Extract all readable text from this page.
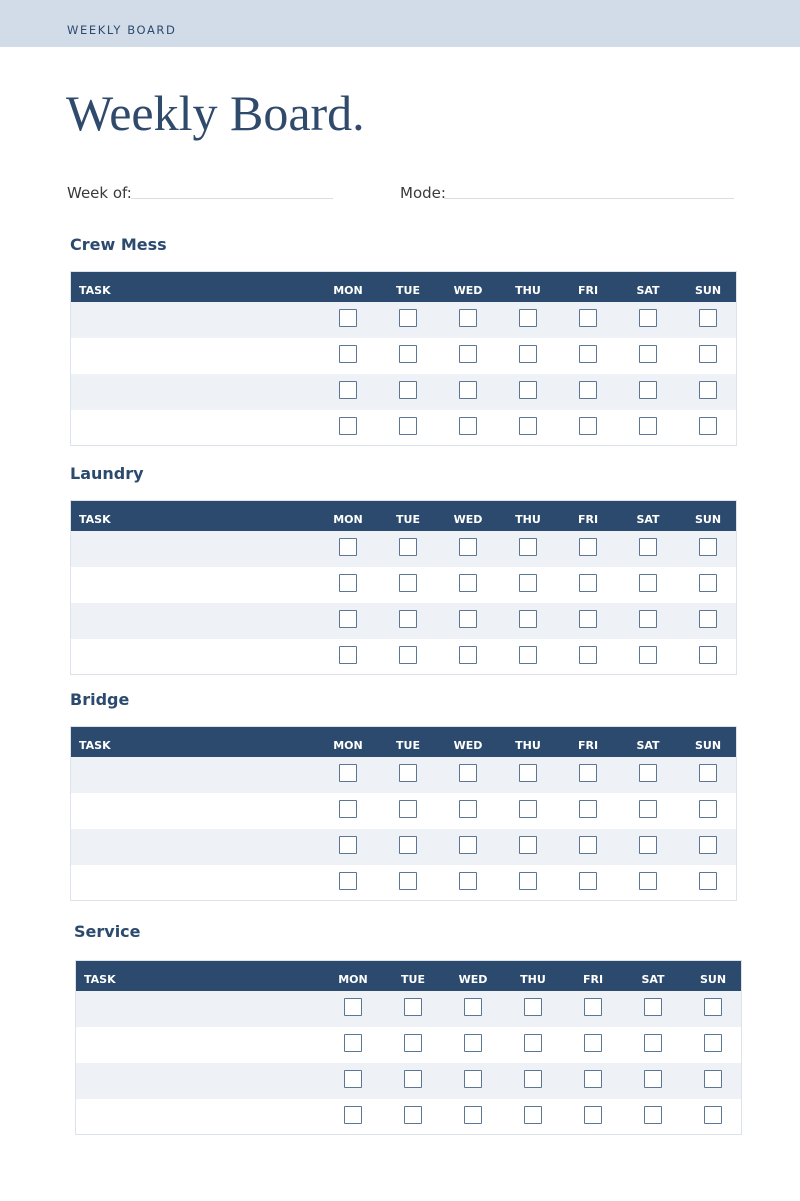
WEEKLY BOARD
Weekly Board.
Week of:	Mode:
Crew Mess
TASK	MON	TUE	WED	THU	FRI	SAT	SUN
Laundry
TASK	MON	TUE	WED	THU	FRI	SAT	SUN
Bridge
TASK	MON	TUE	WED	THU	FRI	SAT	SUN
Service
TASK	MON	TUE	WED	THU	FRI	SAT	SUN
